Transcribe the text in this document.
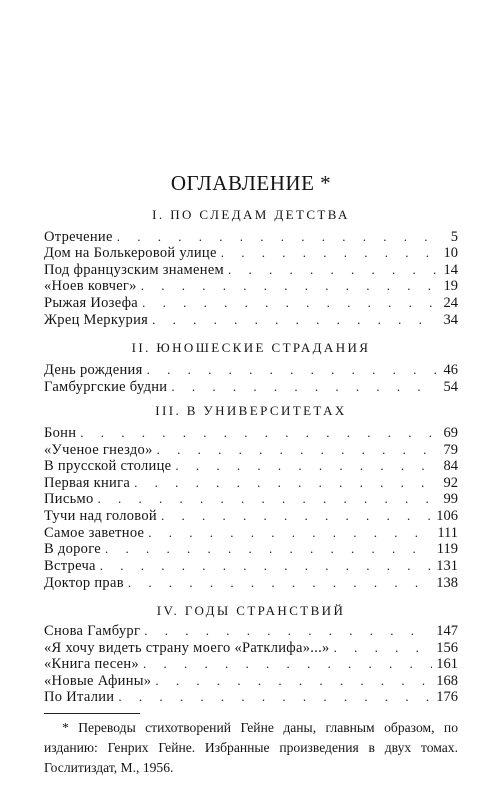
ОГЛАВЛЕНИЕ *
I. ПО СЛЕДАМ ДЕТСТВА
Отречение . . .	5
Дом на Болькеровой улице . . .	10
Под французским знаменем . . .	14
«Ноев ковчег» . . .	19
Рыжая Иозефа . . .	24
Жрец Меркурия . . .	34
II. ЮНОШЕСКИЕ СТРАДАНИЯ
День рождения . . .	46
Гамбургские будни . . .	54
III. В УНИВЕРСИТЕТАХ
Бонн . . .	69
«Ученое гнездо» . . .	79
В прусской столице . . .	84
Первая книга . . .	92
Письмо . . .	99
Тучи над головой . . .	106
Самое заветное . . .	111
В дороге . . .	119
Встреча . . .	131
Доктор прав . . .	138
IV. ГОДЫ СТРАНСТВИЙ
Снова Гамбург . . .	147
«Я хочу видеть страну моего «Ратклифа»...» . . .	156
«Книга песен» . . .	161
«Новые Афины» . . .	168
По Италии . . .	176
* Переводы стихотворений Гейне даны, главным образом, по изданию: Генрих Гейне. Избранные произведения в двух томах. Гослитиздат, М., 1956.
